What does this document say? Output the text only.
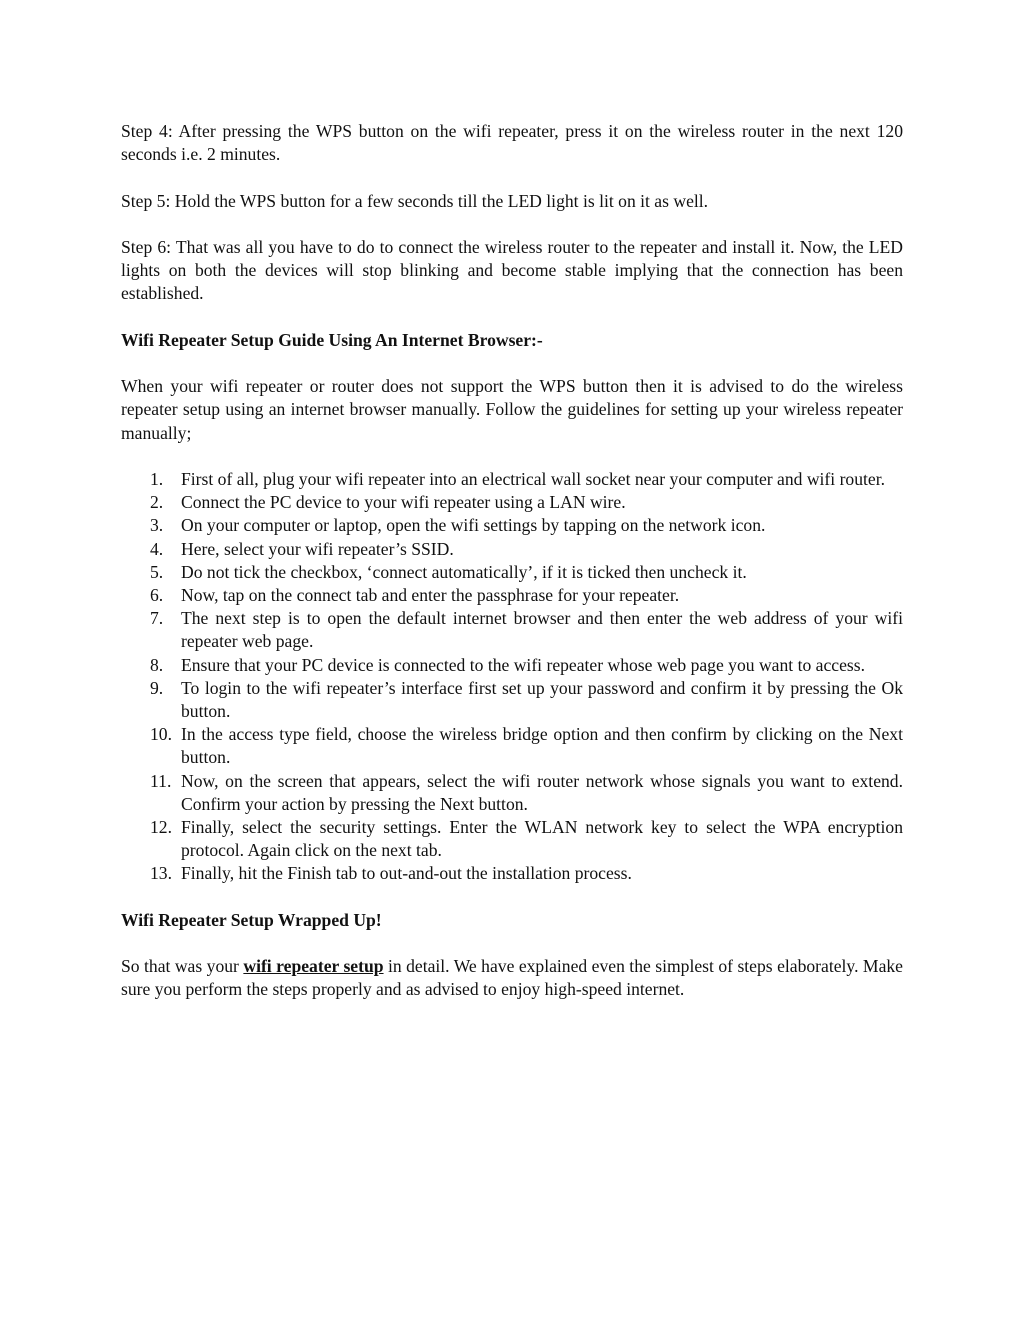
Step 4: After pressing the WPS button on the wifi repeater, press it on the wireless router in the next 120 seconds i.e. 2 minutes.

Step 5: Hold the WPS button for a few seconds till the LED light is lit on it as well.

Step 6: That was all you have to do to connect the wireless router to the repeater and install it. Now, the LED lights on both the devices will stop blinking and become stable implying that the connection has been established.

Wifi Repeater Setup Guide Using An Internet Browser:-

When your wifi repeater or router does not support the WPS button then it is advised to do the wireless repeater setup using an internet browser manually. Follow the guidelines for setting up your wireless repeater manually;

1.	First of all, plug your wifi repeater into an electrical wall socket near your computer and wifi router.
2.	Connect the PC device to your wifi repeater using a LAN wire.
3.	On your computer or laptop, open the wifi settings by tapping on the network icon.
4.	Here, select your wifi repeater’s SSID.
5.	Do not tick the checkbox, ‘connect automatically’, if it is ticked then uncheck it.
6.	Now, tap on the connect tab and enter the passphrase for your repeater.
7.	The next step is to open the default internet browser and then enter the web address of your wifi repeater web page.
8.	Ensure that your PC device is connected to the wifi repeater whose web page you want to access.
9.	To login to the wifi repeater’s interface first set up your password and confirm it by pressing the Ok button.
10. In the access type field, choose the wireless bridge option and then confirm by clicking on the Next button.
11. Now, on the screen that appears, select the wifi router network whose signals you want to extend. Confirm your action by pressing the Next button.
12. Finally, select the security settings. Enter the WLAN network key to select the WPA encryption protocol. Again click on the next tab.
13. Finally, hit the Finish tab to out-and-out the installation process.

Wifi Repeater Setup Wrapped Up!

So that was your wifi repeater setup in detail. We have explained even the simplest of steps elaborately. Make sure you perform the steps properly and as advised to enjoy high-speed internet.
